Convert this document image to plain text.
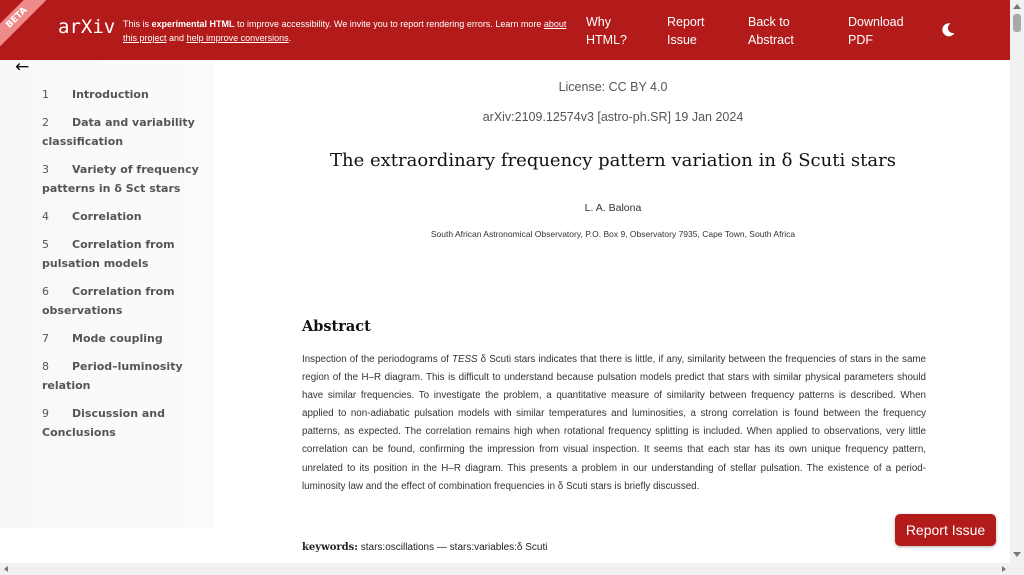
BETA	arXiv This is experimental HTML to improve accessibility. We invite you to report rendering errors. Learn more about this project and help improve conversions.
Why
HTML?
Report
Issue
Back to
Abstract
Download
PDF
←
1 Introduction
2 Data and variability classification
3 Variety of frequency patterns in δ Sct stars
4 Correlation
5 Correlation from pulsation models
6 Correlation from observations
7 Mode coupling
8 Period–luminosity relation
9 Discussion and Conclusions
License: CC BY 4.0
arXiv:2109.12574v3 [astro-ph.SR] 19 Jan 2024
The extraordinary frequency pattern variation in δ Scuti stars
L. A. Balona
South African Astronomical Observatory, P.O. Box 9, Observatory 7935, Cape Town, South Africa
Abstract
Inspection of the periodograms of TESS δ Scuti stars indicates that there is little, if any, similarity between the frequencies of stars in the same region of the H–R diagram. This is difficult to understand because pulsation models predict that stars with similar physical parameters should have similar frequencies. To investigate the problem, a quantitative measure of similarity between frequency patterns is described. When applied to non-adiabatic pulsation models with similar temperatures and luminosities, a strong correlation is found between the frequency patterns, as expected. The correlation remains high when rotational frequency splitting is included. When applied to observations, very little correlation can be found, confirming the impression from visual inspection. It seems that each star has its own unique frequency pattern, unrelated to its position in the H–R diagram. This presents a problem in our understanding of stellar pulsation. The existence of a period-luminosity law and the effect of combination frequencies in δ Scuti stars is briefly discussed.
keywords: stars:oscillations — stars:variables:δ Scuti
Report Issue
